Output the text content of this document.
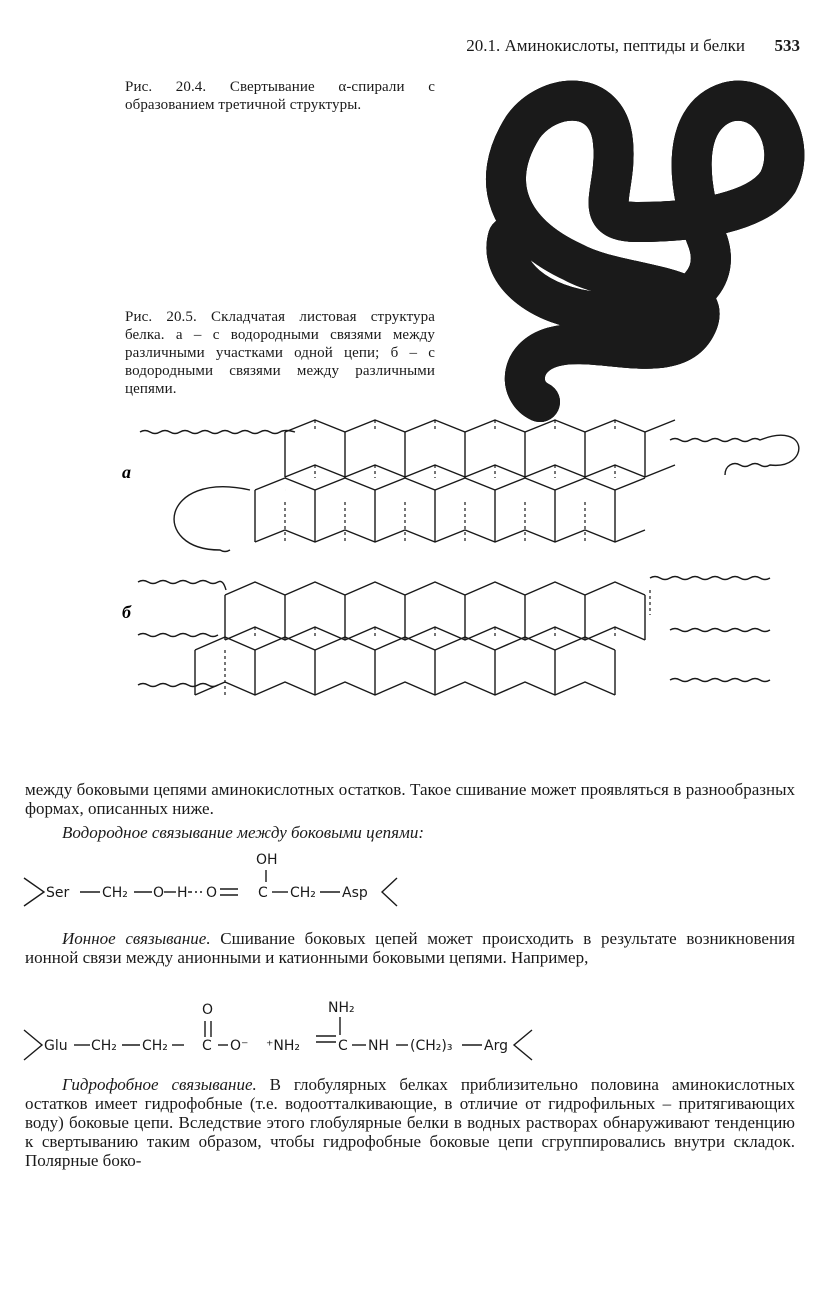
20.1. Аминокислоты, пептиды и белки	533
Рис. 20.4. Свертывание α-спирали с образованием третичной структуры.
Рис. 20.5. Складчатая листовая структура белка. а – с водородными связями между различными участками одной цепи; б – с водородными связями между различными цепями.
а
б
между боковыми цепями аминокислотных остатков. Такое сшивание может проявляться в разнообразных формах, описанных ниже.
Водородное связывание между боковыми цепями:
Ser CH₂ O H O	C
OH
CH₂ Asp
Ионное связывание. Сшивание боковых цепей может происходить в результате возникновения ионной связи между анионными и катионными боковыми цепями. Например,
Glu CH₂ CH₂ C
O
O⁻ ⁺NH₂	C
NH₂
NH (CH₂)₃ Arg
Гидрофобное связывание. В глобулярных белках приблизительно половина аминокислотных остатков имеет гидрофобные (т.е. водоотталкивающие, в отличие от гидрофильных – притягивающих воду) боковые цепи. Вследствие этого глобулярные белки в водных растворах обнаруживают тенденцию к свертыванию таким образом, чтобы гидрофобные боковые цепи сгруппировались внутри складок. Полярные боко-
